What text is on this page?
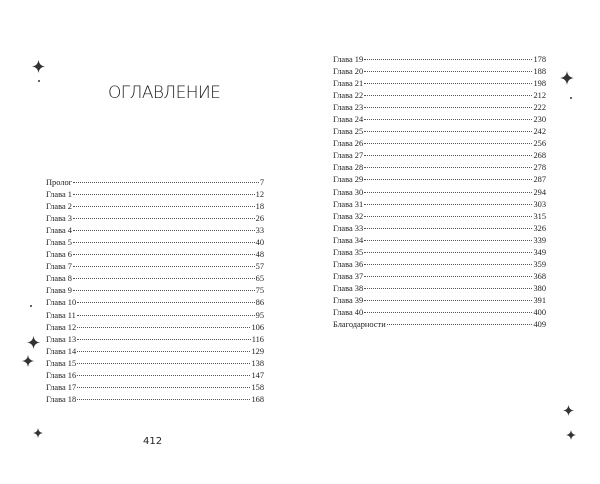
ОГЛАВЛЕНИЕ
Пролог	7
Глава 1	12
Глава 2	18
Глава 3	26
Глава 4	33
Глава 5	40
Глава 6	48
Глава 7	57
Глава 8	65
Глава 9	75
Глава 10	86
Глава 11	95
Глава 12	106
Глава 13	116
Глава 14	129
Глава 15	138
Глава 16	147
Глава 17	158
Глава 18	168
412
Глава 19	178
Глава 20	188
Глава 21	198
Глава 22	212
Глава 23	222
Глава 24	230
Глава 25	242
Глава 26	256
Глава 27	268
Глава 28	278
Глава 29	287
Глава 30	294
Глава 31	303
Глава 32	315
Глава 33	326
Глава 34	339
Глава 35	349
Глава 36	359
Глава 37	368
Глава 38	380
Глава 39	391
Глава 40	400
Благодарности	409
